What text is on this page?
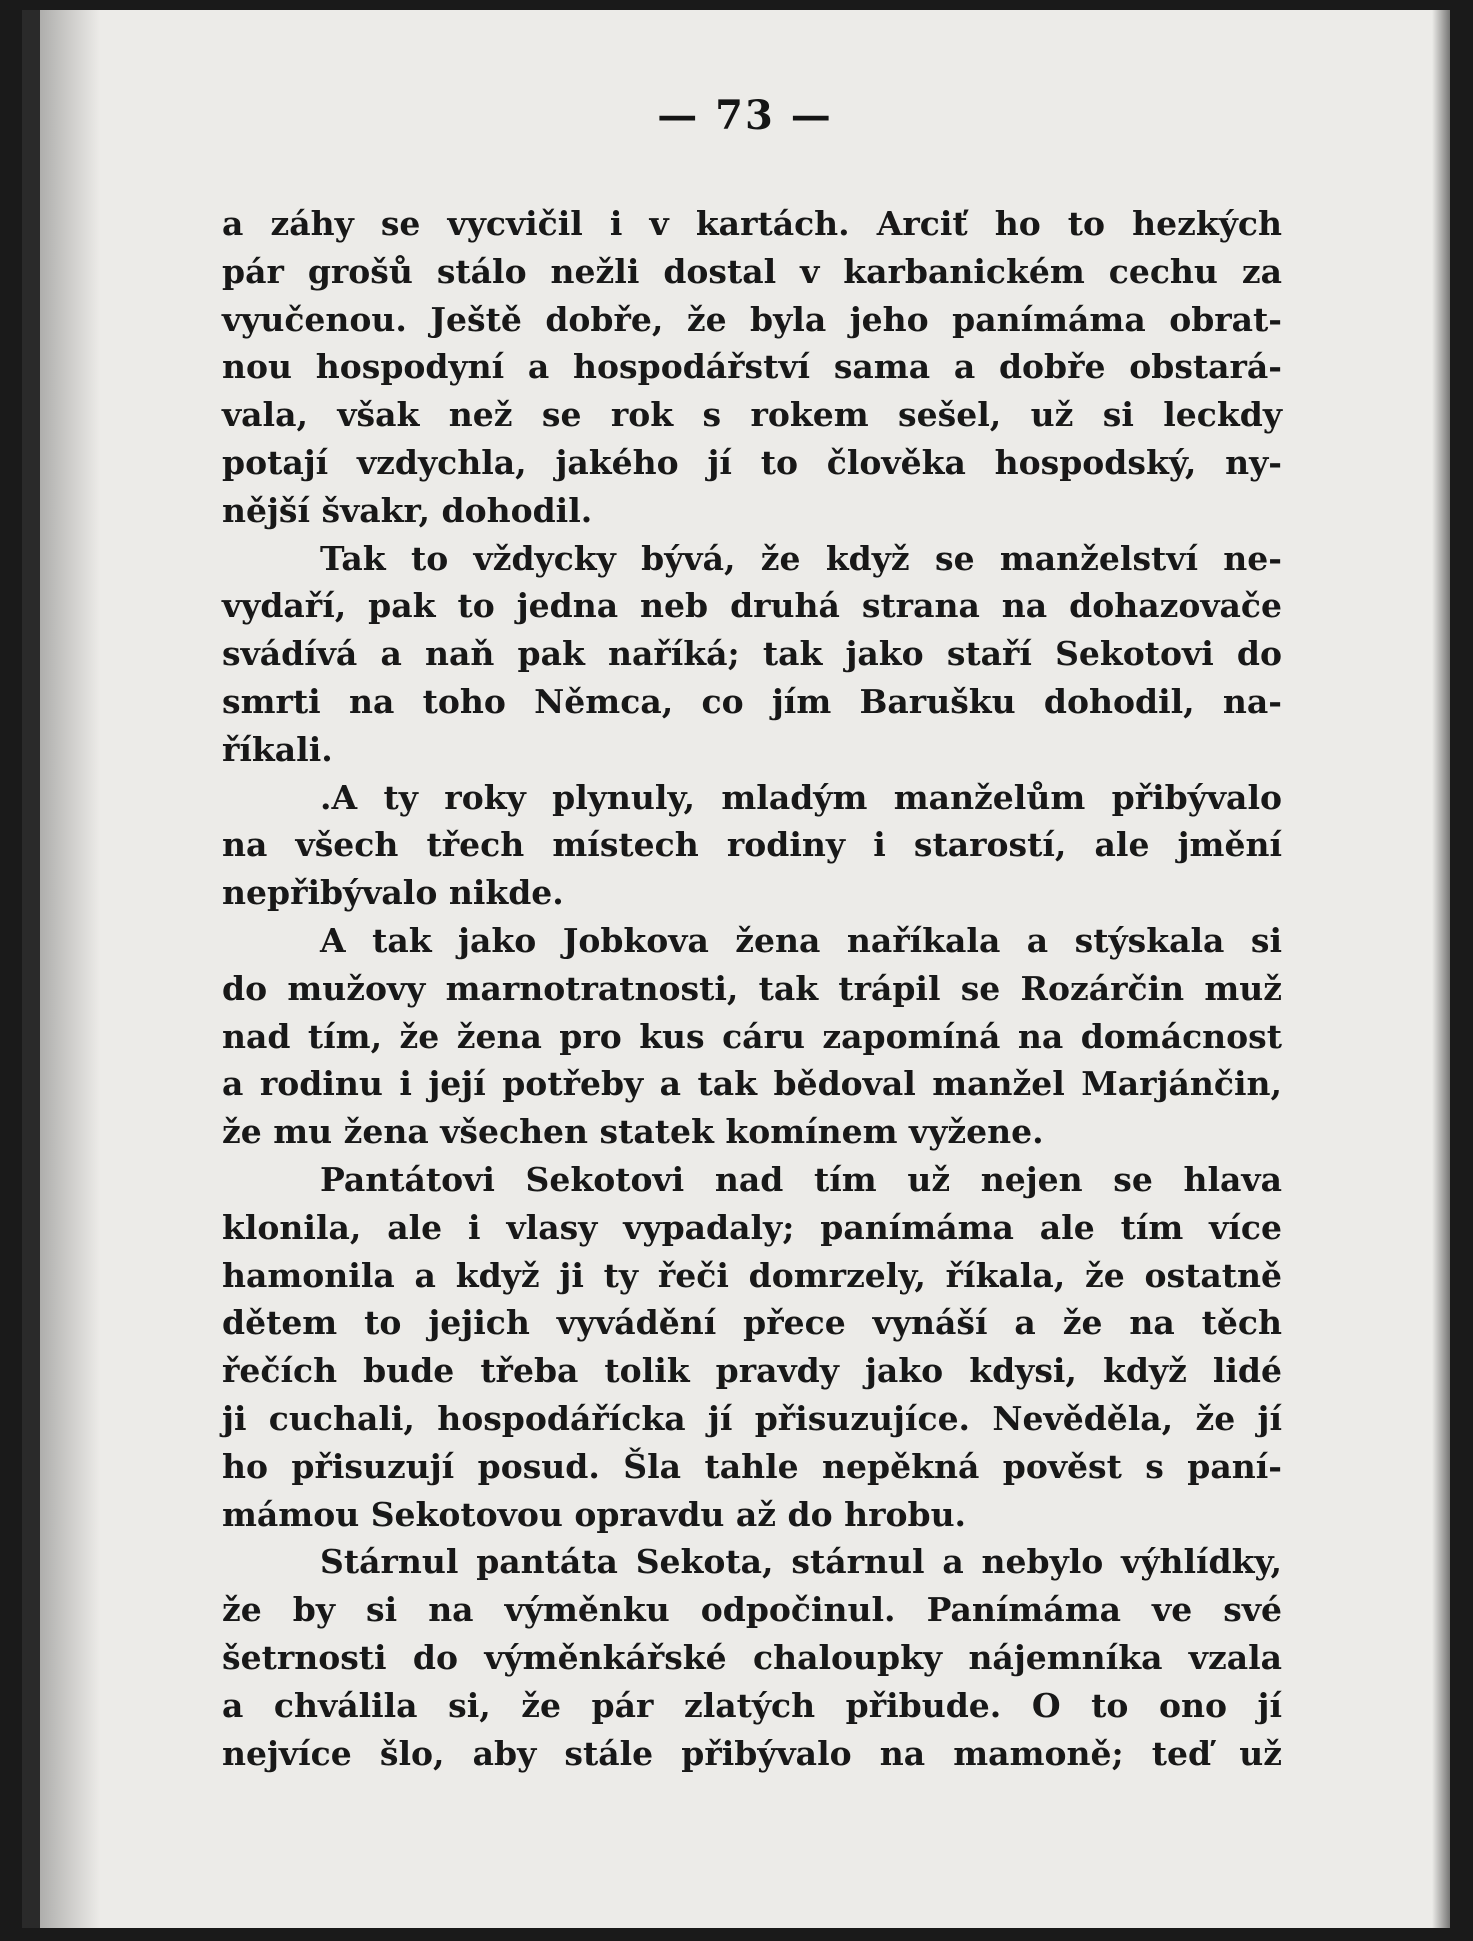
— 73 —
a záhy se vycvičil i v kartách. Arciť ho to hezkých
pár grošů stálo nežli dostal v karbanickém cechu za
vyučenou. Ještě dobře, že byla jeho panímáma obrat-
nou hospodyní a hospodářství sama a dobře obstará-
vala, však než se rok s rokem sešel, už si leckdy
potají vzdychla, jakého jí to člověka hospodský, ny-
nější švakr, dohodil.
Tak to vždycky bývá, že když se manželství ne-
vydaří, pak to jedna neb druhá strana na dohazovače
svádívá a naň pak naříká; tak jako staří Sekotovi do
smrti na toho Němca, co jím Barušku dohodil, na-
říkali.
.A ty roky plynuly, mladým manželům přibývalo
na všech třech místech rodiny i starostí, ale jmění
nepřibývalo nikde.
A tak jako Jobkova žena naříkala a stýskala si
do mužovy marnotratnosti, tak trápil se Rozárčin muž
nad tím, že žena pro kus cáru zapomíná na domácnost
a rodinu i její potřeby a tak bědoval manžel Marjánčin,
že mu žena všechen statek komínem vyžene.
Pantátovi Sekotovi nad tím už nejen se hlava
klonila, ale i vlasy vypadaly; panímáma ale tím více
hamonila a když ji ty řeči domrzely, říkala, že ostatně
dětem to jejich vyvádění přece vynáší a že na těch
řečích bude třeba tolik pravdy jako kdysi, když lidé
ji cuchali, hospodářícka jí přisuzujíce. Nevěděla, že jí
ho přisuzují posud. Šla tahle nepěkná pověst s paní-
mámou Sekotovou opravdu až do hrobu.
Stárnul pantáta Sekota, stárnul a nebylo výhlídky,
že by si na výměnku odpočinul. Panímáma ve své
šetrnosti do výměnkářské chaloupky nájemníka vzala
a chválila si, že pár zlatých přibude. O to ono jí
nejvíce šlo, aby stále přibývalo na mamoně; teď už
